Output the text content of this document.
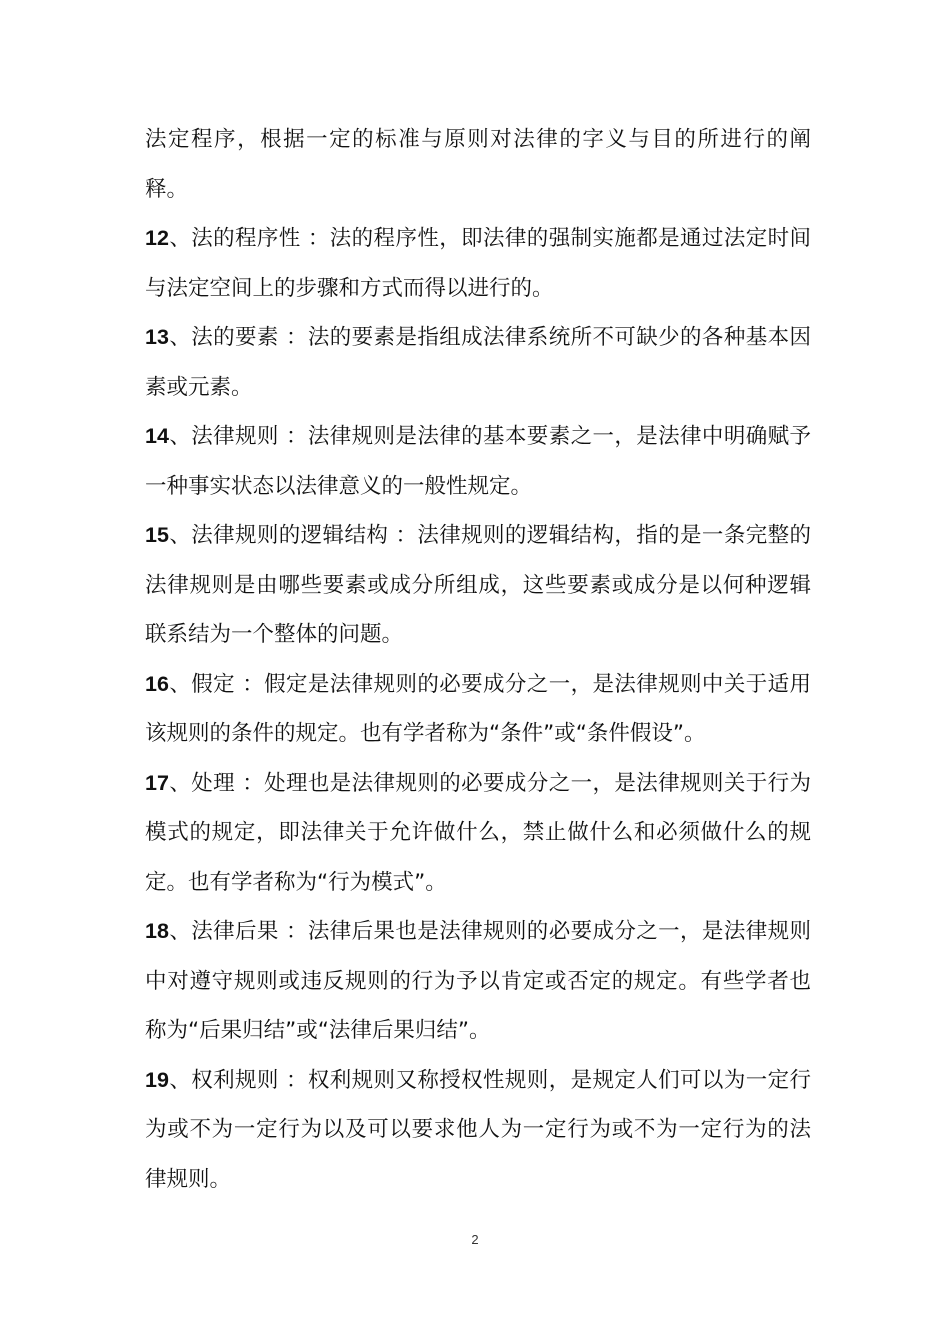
法定程序，根据一定的标准与原则对法律的字义与目的所进行的阐释。

12、法的程序性 ：法的程序性，即法律的强制实施都是通过法定时间与法定空间上的步骤和方式而得以进行的。

13、法的要素 ：法的要素是指组成法律系统所不可缺少的各种基本因素或元素。

14、法律规则 ：法律规则是法律的基本要素之一，是法律中明确赋予一种事实状态以法律意义的一般性规定。

15、法律规则的逻辑结构 ：法律规则的逻辑结构，指的是一条完整的法律规则是由哪些要素或成分所组成，这些要素或成分是以何种逻辑联系结为一个整体的问题。

16、假定 ：假定是法律规则的必要成分之一，是法律规则中关于适用该规则的条件的规定。也有学者称为“条件”或“条件假设”。

17、处理 ：处理也是法律规则的必要成分之一，是法律规则关于行为模式的规定，即法律关于允许做什么，禁止做什么和必须做什么的规定。也有学者称为“行为模式”。

18、法律后果 ：法律后果也是法律规则的必要成分之一，是法律规则中对遵守规则或违反规则的行为予以肯定或否定的规定。有些学者也称为“后果归结”或“法律后果归结”。

19、权利规则 ：权利规则又称授权性规则，是规定人们可以为一定行为或不为一定行为以及可以要求他人为一定行为或不为一定行为的法律规则。

2
